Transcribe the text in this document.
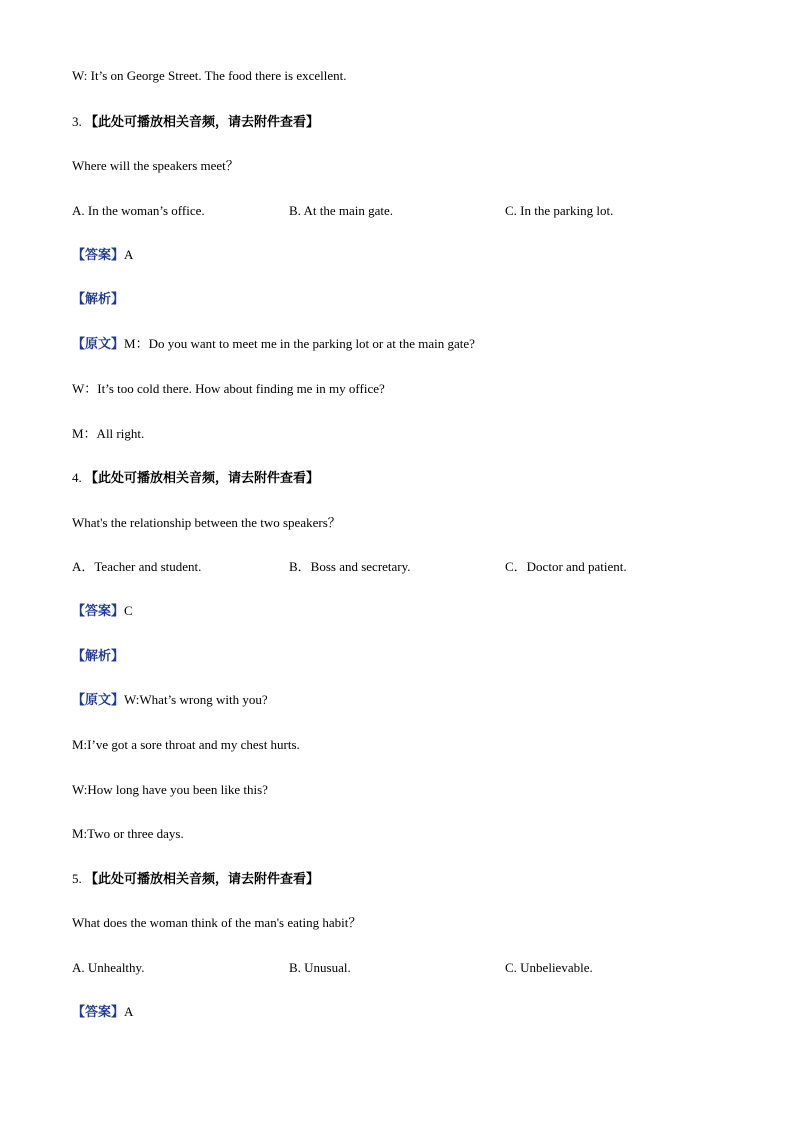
W: It’s on George Street. The food there is excellent.
3. 【此处可播放相关音频，请去附件查看】
Where will the speakers meet？
A. In the woman’s office.	B. At the main gate.	C. In the parking lot.
【答案】A
【解析】
【原文】M：Do you want to meet me in the parking lot or at the main gate?
W：It’s too cold there. How about finding me in my office?
M：All right.
4. 【此处可播放相关音频，请去附件查看】
What's the relationship between the two speakers？
A．Teacher and student.	B．Boss and secretary.	C．Doctor and patient.
【答案】C
【解析】
【原文】W:What’s wrong with you?
M:I’ve got a sore throat and my chest hurts.
W:How long have you been like this?
M:Two or three days.
5. 【此处可播放相关音频，请去附件查看】
What does the woman think of the man's eating habit？
A. Unhealthy.	B. Unusual.	C. Unbelievable.
【答案】A
